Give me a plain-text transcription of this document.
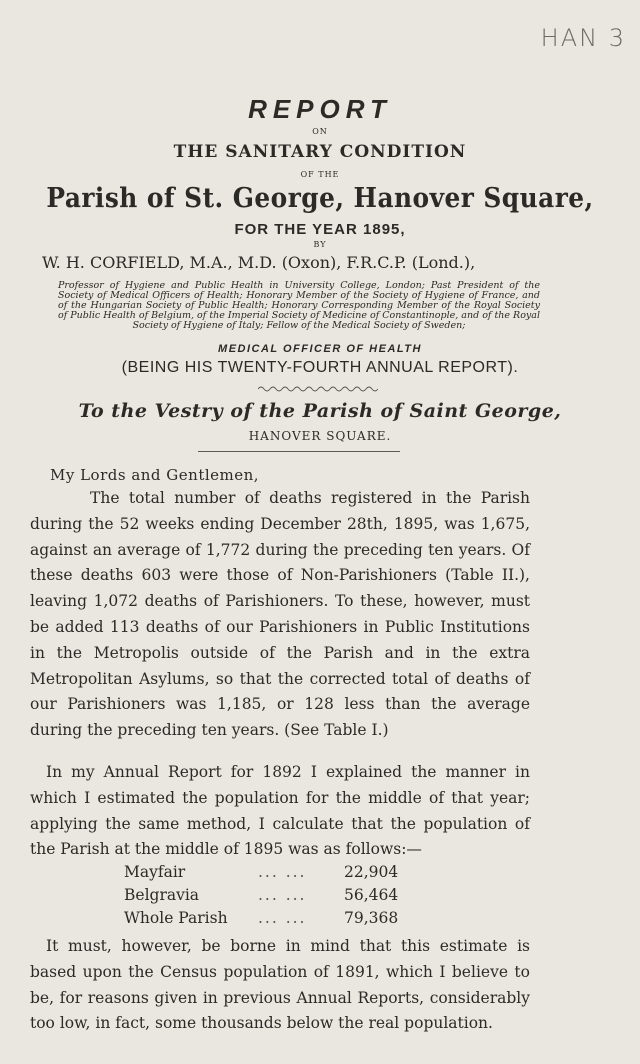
HAN 3
REPORT
ON
THE SANITARY CONDITION
OF THE
Parish of St. George, Hanover Square,
FOR THE YEAR 1895,
BY
W. H. CORFIELD, M.A., M.D. (Oxon), F.R.C.P. (Lond.),
Professor of Hygiene and Public Health in University College, London; Past President of the Society of Medical Officers of Health; Honorary Member of the Society of Hygiene of France, and of the Hungarian Society of Public Health; Honorary Corresponding Member of the Royal Society of Public Health of Belgium, of the Imperial Society of Medicine of Constantinople, and of the Royal Society of Hygiene of Italy; Fellow of the Medical Society of Sweden;
MEDICAL OFFICER OF HEALTH
(BEING HIS TWENTY-FOURTH ANNUAL REPORT).
To the Vestry of the Parish of Saint George,
HANOVER SQUARE.
My Lords and Gentlemen,
The total number of deaths registered in the Parish during the 52 weeks ending December 28th, 1895, was 1,675, against an average of 1,772 during the preceding ten years. Of these deaths 603 were those of Non-Parishioners (Table II.), leaving 1,072 deaths of Parishioners. To these, however, must be added 113 deaths of our Parishioners in Public Institutions in the Metropolis outside of the Parish and in the extra Metropolitan Asylums, so that the corrected total of deaths of our Parishioners was 1,185, or 128 less than the average during the preceding ten years. (See Table I.)
In my Annual Report for 1892 I explained the manner in which I estimated the population for the middle of that year; applying the same method, I calculate that the population of the Parish at the middle of 1895 was as follows:—
Mayfair	... ... 22,904
Belgravia	... ... 56,464
Whole Parish ... ... 79,368
It must, however, be borne in mind that this estimate is based upon the Census population of 1891, which I believe to be, for reasons given in previous Annual Reports, considerably too low, in fact, some thousands below the real population.
